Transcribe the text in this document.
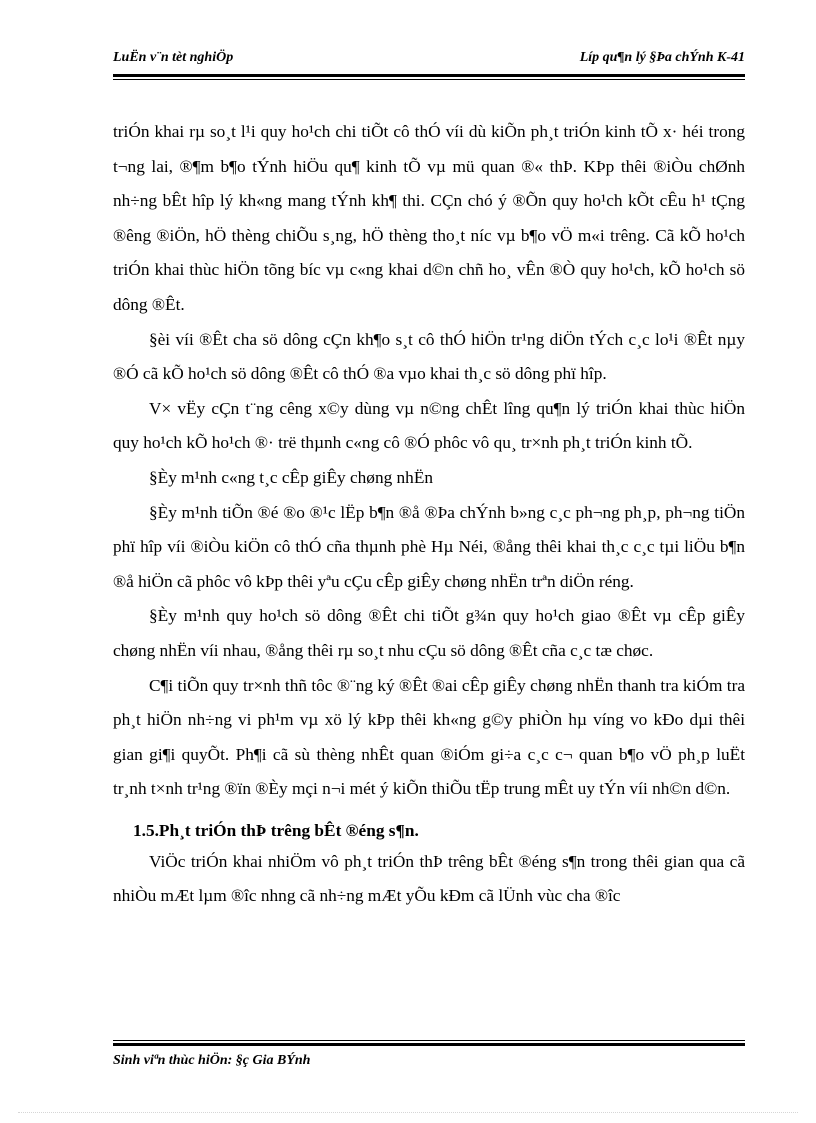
LuËn v¨n tèt nghiÖp	Líp qu¶n lý §Þa chÝnh K-41

triÓn khai rµ so¸t l¹i quy ho¹ch chi tiÕt cô thÓ víi dù kiÕn ph¸t triÓn kinh tÕ x· héi trong t¬ng lai, ®¶m b¶o tÝnh hiÖu qu¶ kinh tÕ vµ mü quan ®« thÞ. KÞp thêi ®iÒu chØnh nh÷ng bÊt hîp lý kh«ng mang tÝnh kh¶ thi. CÇn chó ý ®Õn quy ho¹ch kÕt cÊu h¹ tÇng ®êng ®iÖn, hÖ thèng chiÕu s¸ng, hÖ thèng tho¸t níc vµ b¶o vÖ m«i trêng. Cã kÕ ho¹ch triÓn khai thùc hiÖn tõng bíc vµ c«ng khai d©n chñ ho¸ vÊn ®Ò quy ho¹ch, kÕ ho¹ch sö dông ®Êt.

§èi víi ®Êt cha sö dông cÇn kh¶o s¸t cô thÓ hiÖn tr¹ng diÖn tÝch c¸c lo¹i ®Êt nµy ®Ó cã kÕ ho¹ch sö dông ®Êt cô thÓ ®a vµo khai th¸c sö dông phï hîp.

V× vËy cÇn t¨ng cêng x©y dùng vµ n©ng chÊt lîng qu¶n lý triÓn khai thùc hiÖn quy ho¹ch kÕ ho¹ch ®· trë thµnh c«ng cô ®Ó phôc vô qu¸ tr×nh ph¸t triÓn kinh tÕ.

§Èy m¹nh c«ng t¸c cÊp giÊy chøng nhËn

§Èy m¹nh tiÕn ®é ®o ®¹c lËp b¶n ®å ®Þa chÝnh b»ng c¸c ph¬ng ph¸p, ph¬ng tiÖn phï hîp víi ®iÒu kiÖn cô thÓ cña thµnh phè Hµ Néi, ®ång thêi khai th¸c c¸c tµi liÖu b¶n ®å hiÖn cã phôc vô kÞp thêi yªu cÇu cÊp giÊy chøng nhËn trªn diÖn réng.

§Èy m¹nh quy ho¹ch sö dông ®Êt chi tiÕt g¾n quy ho¹ch giao ®Êt vµ cÊp giÊy chøng nhËn víi nhau, ®ång thêi rµ so¸t nhu cÇu sö dông ®Êt cña c¸c tæ chøc.

C¶i tiÕn quy tr×nh thñ tôc ®¨ng ký ®Êt ®ai cÊp giÊy chøng nhËn thanh tra kiÓm tra ph¸t hiÖn nh÷ng vi ph¹m vµ xö lý kÞp thêi kh«ng g©y phiÒn hµ víng vo kÐo dµi thêi gian gi¶i quyÕt. Ph¶i cã sù thèng nhÊt quan ®iÓm gi÷a c¸c c¬ quan b¶o vÖ ph¸p luËt tr¸nh t×nh tr¹ng ®ïn ®Èy mçi n¬i mét ý kiÕn thiÕu tËp trung mÊt uy tÝn víi nh©n d©n.

1.5.Ph¸t triÓn thÞ trêng bÊt ®éng s¶n.

ViÖc triÓn khai nhiÖm vô ph¸t triÓn thÞ trêng bÊt ®éng s¶n trong thêi gian qua cã nhiÒu mÆt lµm ®îc nhng cã nh÷ng mÆt yÕu kÐm cã lÜnh vùc cha ®îc

Sinh viªn thùc hiÖn: §ç Gia BÝnh
